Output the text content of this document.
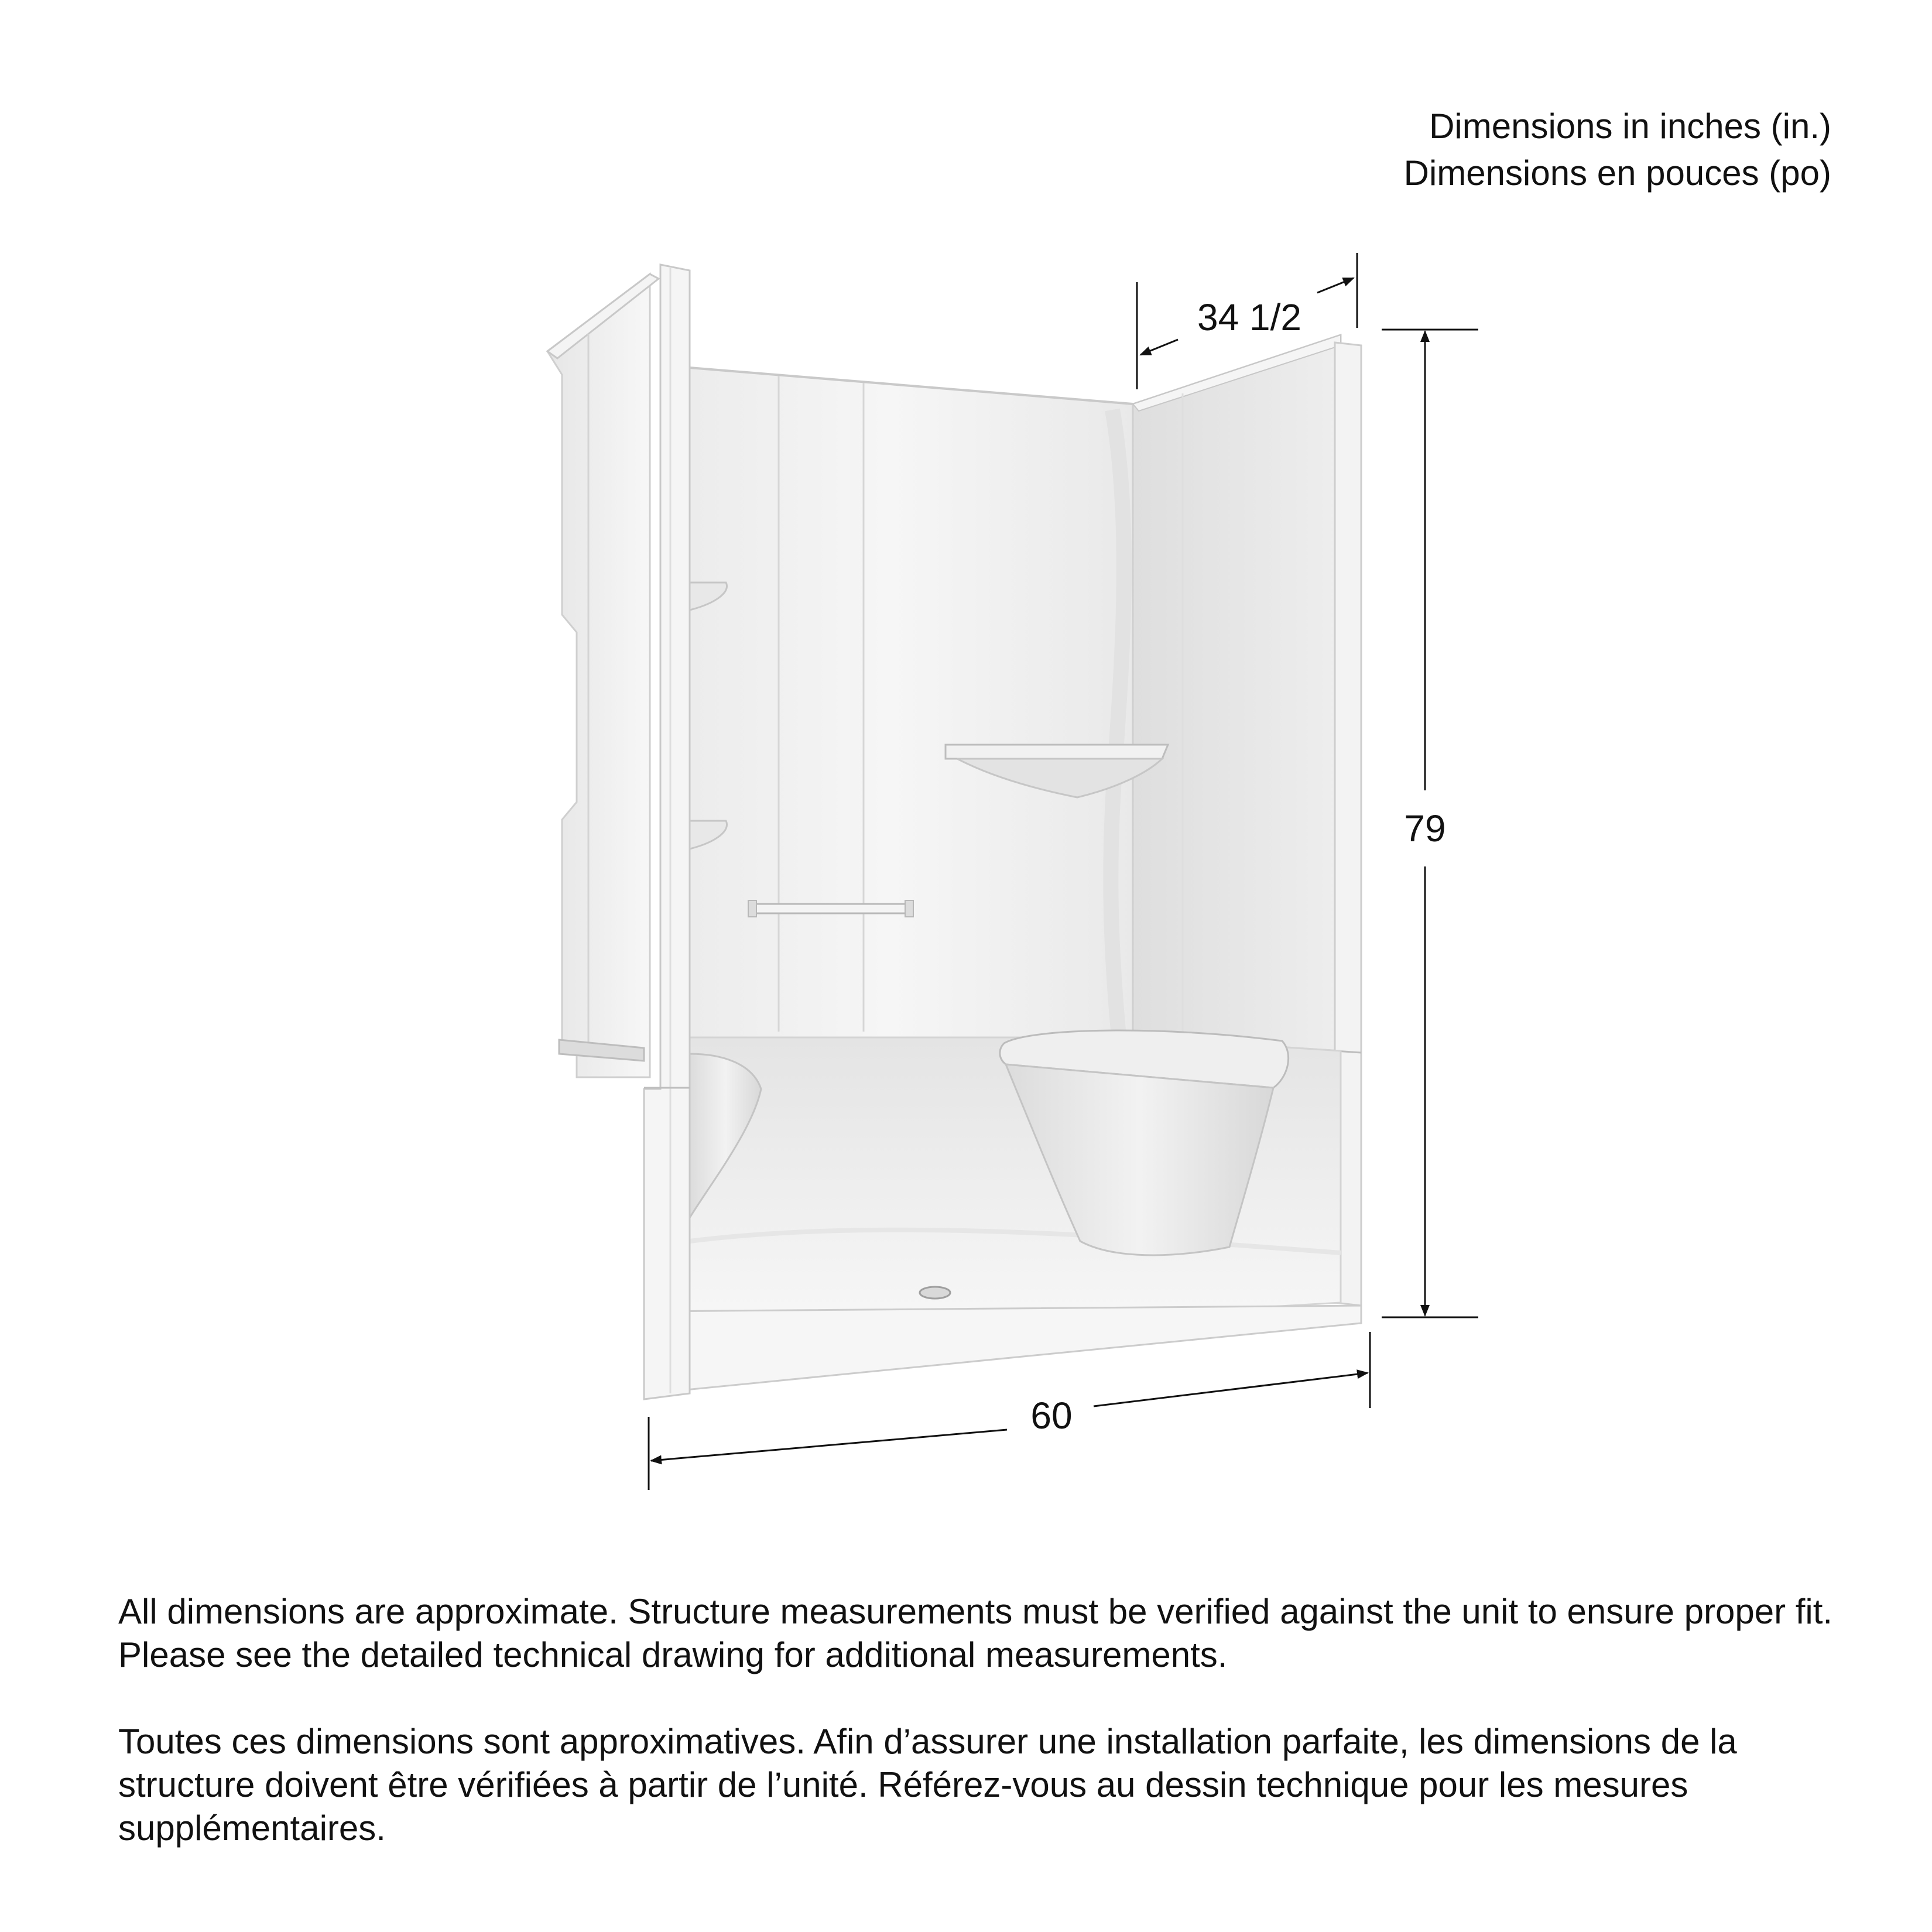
Dimensions in inches (in.)
Dimensions en pouces (po)
34 1/2
79
60

All dimensions are approximate. Structure measurements must be verified against the unit to ensure proper fit. Please see the detailed technical drawing for additional measurements.

Toutes ces dimensions sont approximatives. Afin d’assurer une installation parfaite, les dimensions de la structure doivent être vérifiées à partir de l’unité. Référez-vous au dessin technique pour les mesures supplémentaires.
